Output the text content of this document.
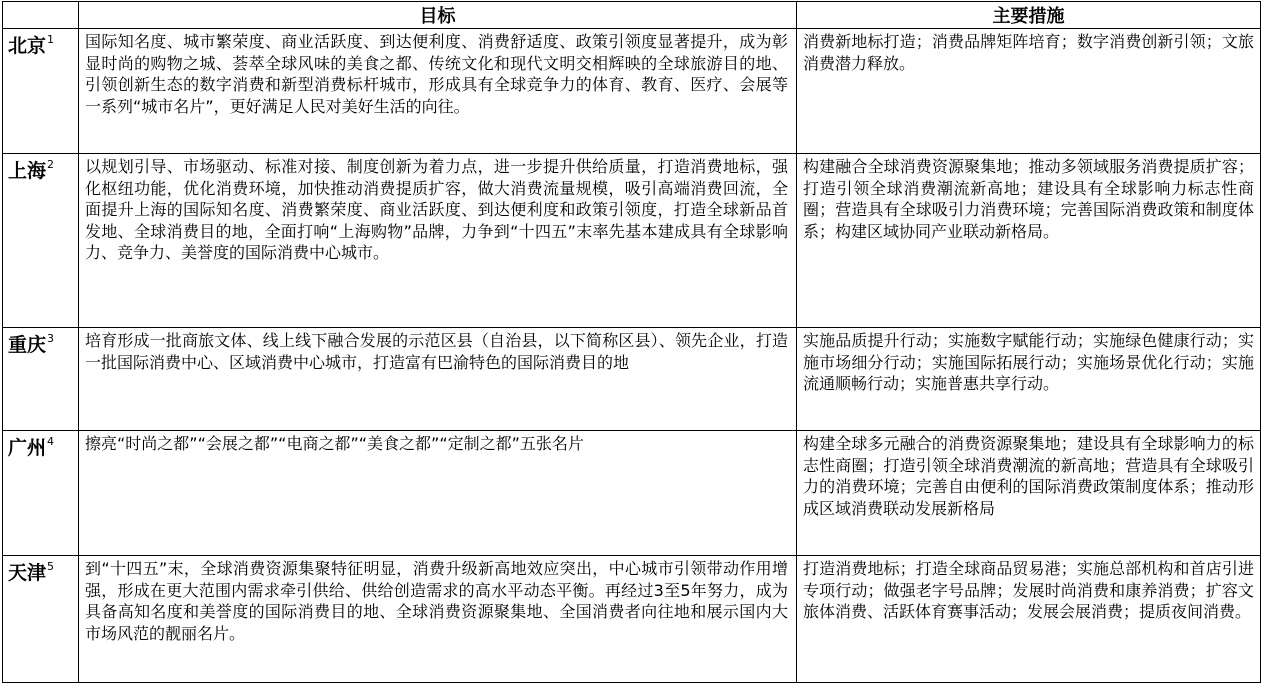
	目标	主要措施
北京$^1$	国际知名度、城市繁荣度、商业活跃度、到达便利度、消费舒适度、政策引领度显著提升，成为彰显时尚的购物之城、荟萃全球风味的美食之都、传统文化和现代文明交相辉映的全球旅游目的地、引领创新生态的数字消费和新型消费标杆城市，形成具有全球竞争力的体育、教育、医疗、会展等一系列“城市名片”，更好满足人民对美好生活的向往。	消费新地标打造；消费品牌矩阵培育；数字消费创新引领；文旅消费潜力释放。
上海$^2$	以规划引导、市场驱动、标准对接、制度创新为着力点，进一步提升供给质量，打造消费地标，强化枢纽功能，优化消费环境，加快推动消费提质扩容，做大消费流量规模，吸引高端消费回流，全面提升上海的国际知名度、消费繁荣度、商业活跃度、到达便利度和政策引领度，打造全球新品首发地、全球消费目的地，全面打响“上海购物”品牌，力争到“十四五”末率先基本建成具有全球影响力、竞争力、美誉度的国际消费中心城市。	构建融合全球消费资源聚集地；推动多领域服务消费提质扩容；打造引领全球消费潮流新高地；建设具有全球影响力标志性商圈；营造具有全球吸引力消费环境；完善国际消费政策和制度体系；构建区域协同产业联动新格局。
重庆$^3$	培育形成一批商旅文体、线上线下融合发展的示范区县（自治县，以下简称区县）、领先企业，打造一批国际消费中心、区域消费中心城市，打造富有巴渝特色的国际消费目的地	实施品质提升行动；实施数字赋能行动；实施绿色健康行动；实施市场细分行动；实施国际拓展行动；实施场景优化行动；实施流通顺畅行动；实施普惠共享行动。
广州$^4$	擦亮“时尚之都”“会展之都”“电商之都”“美食之都”“定制之都”五张名片	构建全球多元融合的消费资源聚集地；建设具有全球影响力的标志性商圈；打造引领全球消费潮流的新高地；营造具有全球吸引力的消费环境；完善自由便利的国际消费政策制度体系；推动形成区域消费联动发展新格局
天津$^5$	到“十四五”末，全球消费资源集聚特征明显，消费升级新高地效应突出，中心城市引领带动作用增强，形成在更大范围内需求牵引供给、供给创造需求的高水平动态平衡。再经过3至5年努力，成为具备高知名度和美誉度的国际消费目的地、全球消费资源聚集地、全国消费者向往地和展示国内大市场风范的靓丽名片。	打造消费地标；打造全球商品贸易港；实施总部机构和首店引进专项行动；做强老字号品牌；发展时尚消费和康养消费；扩容文旅体消费、活跃体育赛事活动；发展会展消费；提质夜间消费。
